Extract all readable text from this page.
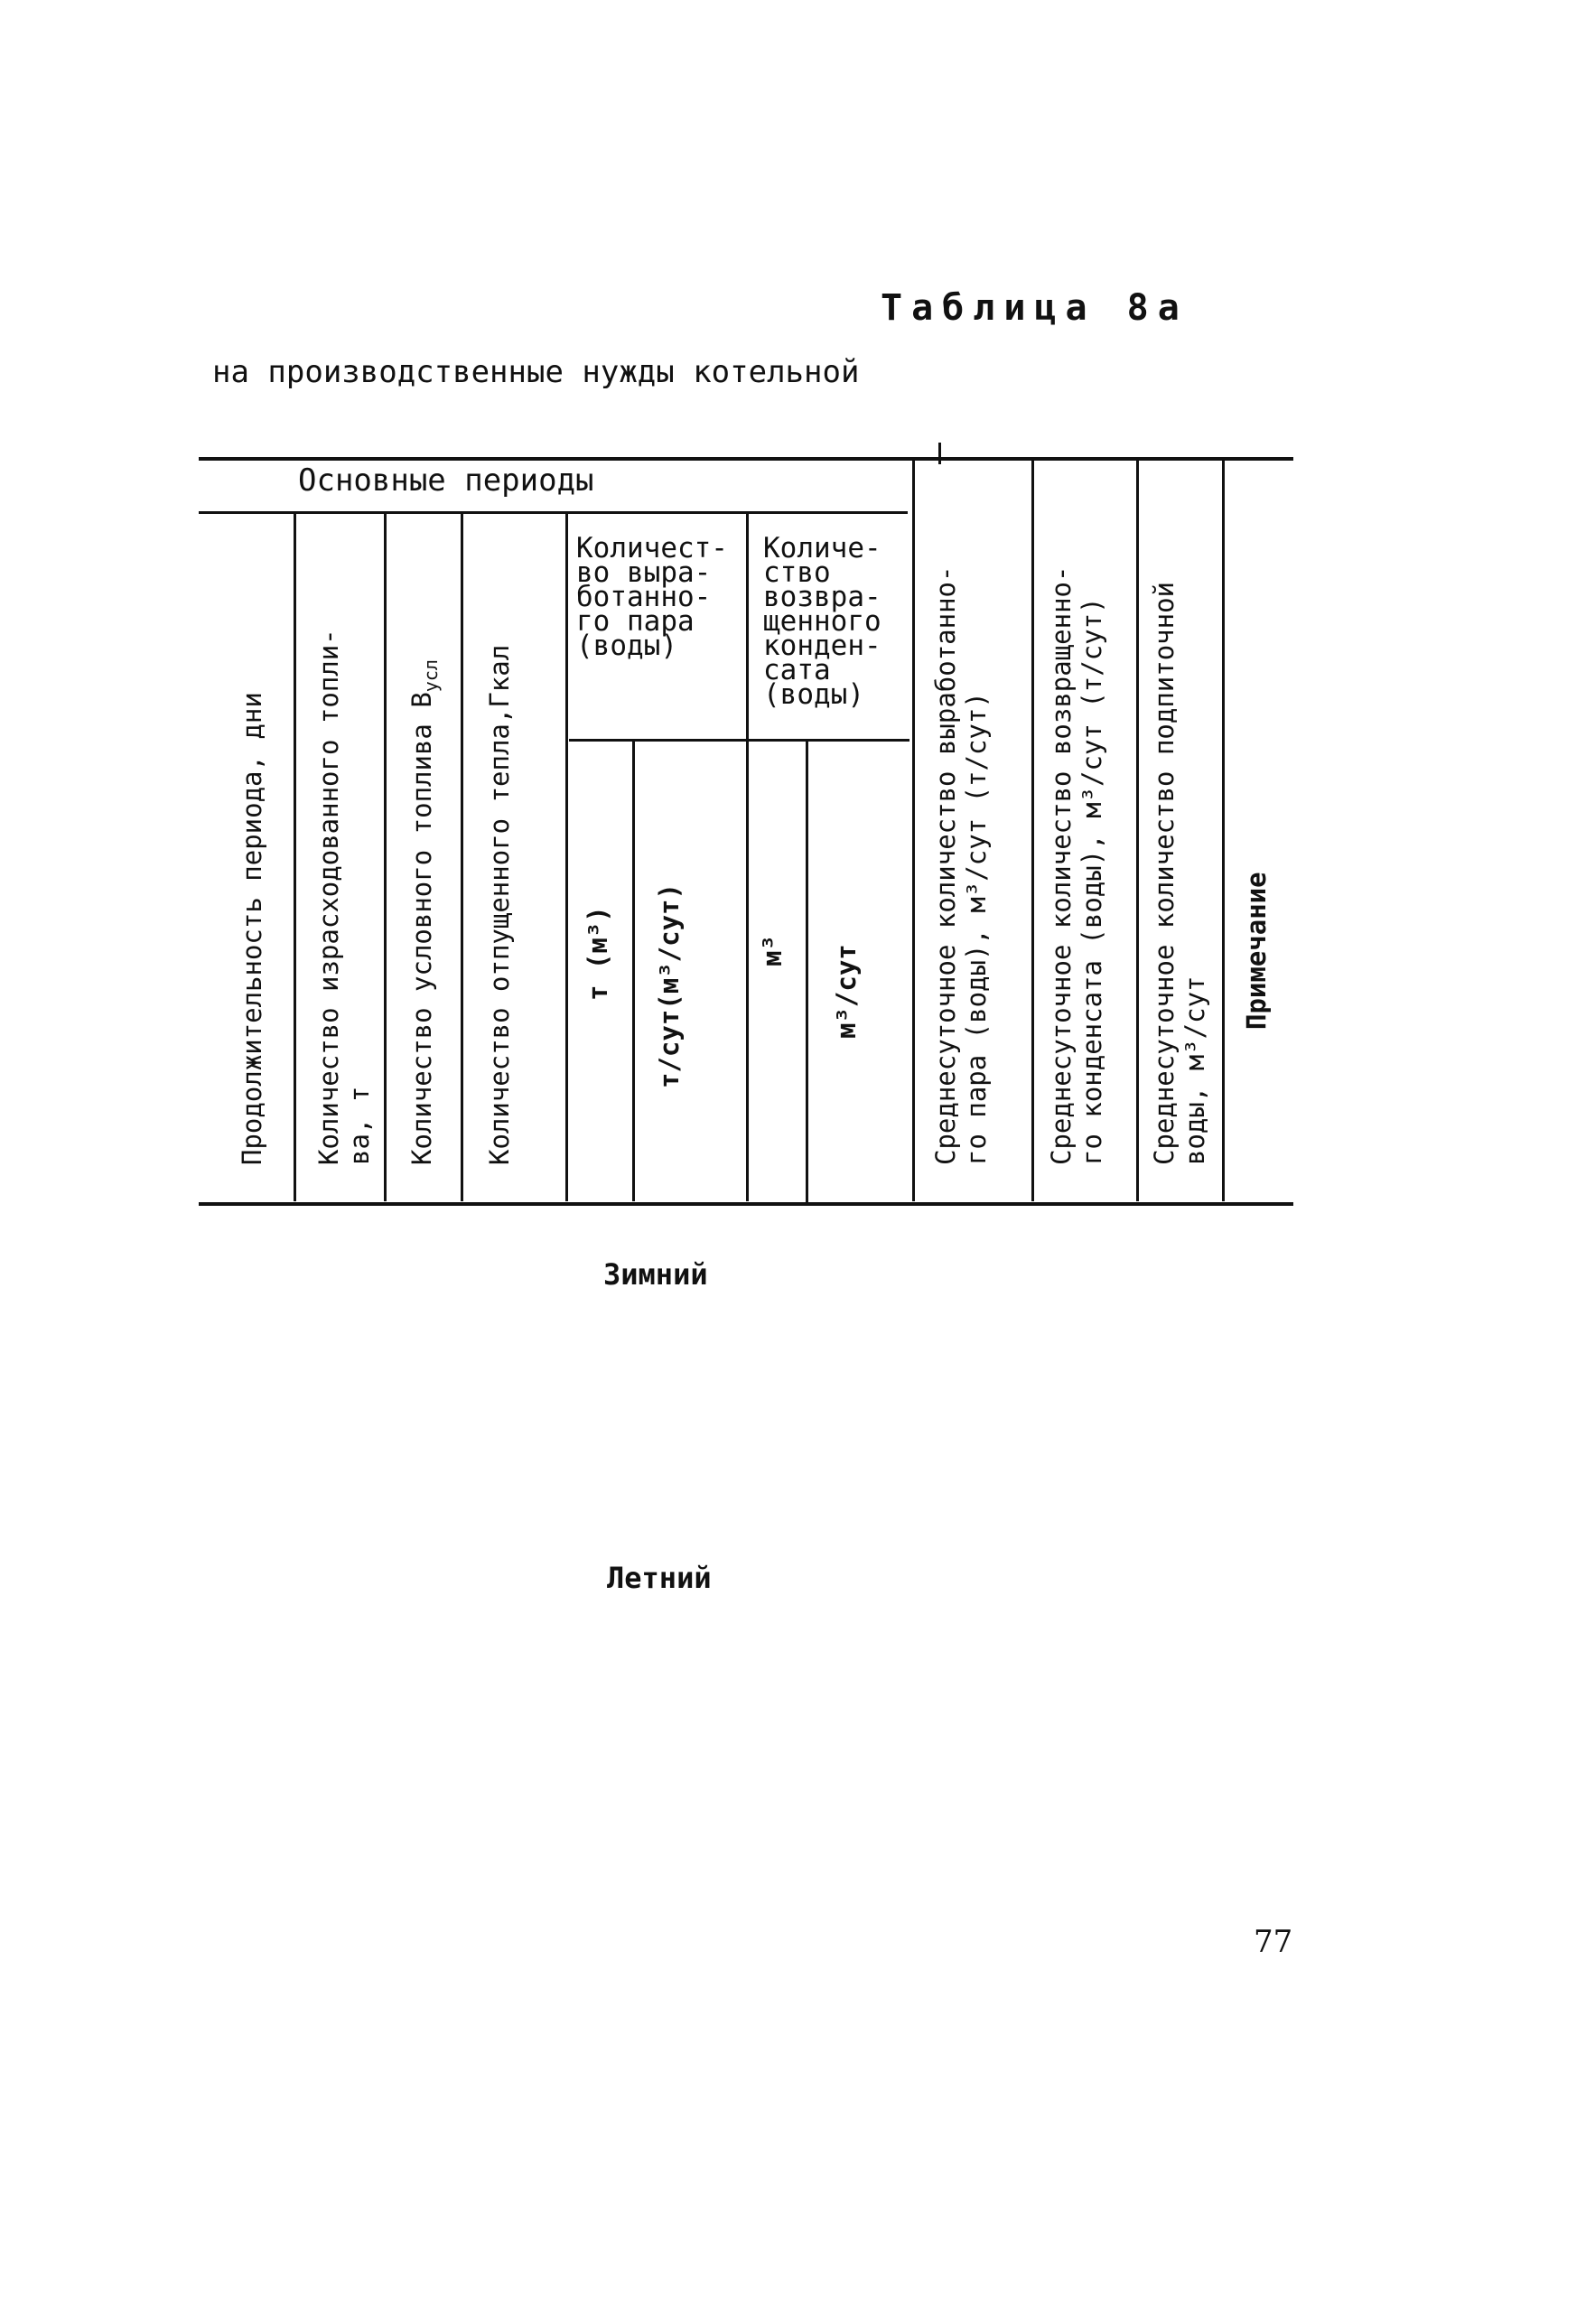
Таблица 8а
на производственные нужды котельной
Основные периоды
Продолжительность периода, дни Количество израсходованного топли- ва, т Количество условного топлива $В_{усл}$ Количество отпущенного тепла,Гкал
Количест-
во выра-
ботанно-
го пара
(воды)
т (м³) т/сут(м³/сут)
Количе-
ство
возвра-
щенного
конден-
сата
(воды)
м³ м³/сут	Среднесуточное количество выработанно- го пара (воды), м³/сут (т/сут) Среднесуточное количество возвращенно- го конденсата (воды), м³/сут (т/сут) Среднесуточное количество подпиточной воды, м³/сут
Примечание
Зимний
Летний
77
